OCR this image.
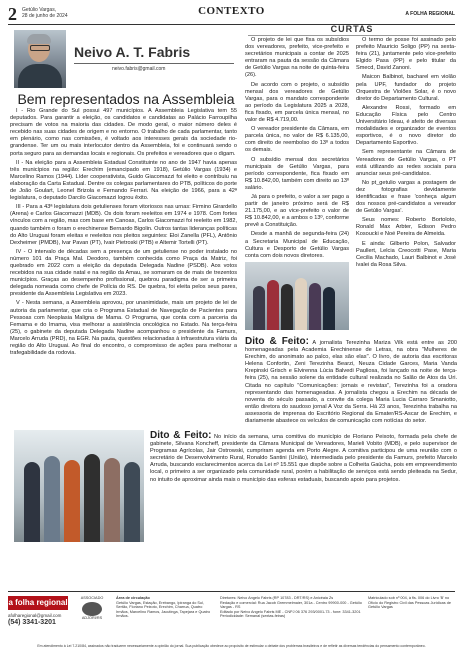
2 Getúlio Vargas,
28 de junho de 2024	CONTEXTO	A FOLHA REGIONAL
CURTAS
Neivo A. T. Fabris
neivo.fabris@gmail.com
Bem representados na Assembleia

I - Rio Grande do Sul possui 497 municípios. A Assembleia Legislativa tem 55 deputados. Para garantir a eleição, os candidatos e candidatas ao Palácio Farroupilha precisam de votos na maioria das cidades. De modo geral, o maior número deles é recebido nas suas cidades de origem e no entorno. O trabalho de cada parlamentar, tanto em plenário, como nas comissões, é voltado aos interesses gerais da sociedade rio-grandense. Ter um ou mais interlocutor dentro da Assembleia, foi e continuará sendo o porta seguro para as demandas locais e regionais. Os prefeitos e vereadores que o digam.

II - Na eleição para a Assembleia Estadual Constituinte no ano de 1947 havia apenas três municípios na região: Erechim (emancipado em 1918), Getúlio Vargas (1934) e Marcelino Ramos (1944). Líder cooperativista, Guido Giacomazzi foi eleito e contribuiu na elaboração da Carta Estadual. Dentre os colegas parlamentares do PTB, políticos do porte de João Goulart, Leonel Brizola e Fernando Ferrari. Na eleição de 1966, para a 42ª legislatura, o deputado Darcilo Giacomazzi logrou êxito.

III - Para a 43ª legislatura dois getulienses foram vitoriosos nas urnas: Firmino Girardello (Arena) e Carlos Giacomazzi (MDB). Os dois foram reeleitos em 1974 e 1978. Com fortes vínculos com a região, mas com base em Canoas, Carlos Giacomazzi foi reeleito em 1982, quando também o foram o erechinense Bernardo Bigolin. Outros tantas lideranças políticas do Alto Uruguai foram eleitas e reeleitos nos pleitos seguintes: Eloi Zanella (PFL), Antônio Dexheimer (PMDB), Ivar Pavan (PT), Ivair Pietroski (PTB) e Altemir Tortelli (PT).

IV - O intervalo de décadas sem a presença de um getuliense no poder instalado no número 101 da Praça Mal. Deodoro, também conhecida como Praça da Matriz, foi quebrado em 2022 com a eleição da deputada Delegada Nadine (PSDB). Aos votos recebidos na sua cidade natal e na região da Amau, se somaram os de mais de trezentos municípios. Graças ao desempenho profissional, quebrou paradigma de ser a primeira delegada nomeada como chefe de Polícia do RS. De quebra, foi eleita pelos seus pares, presidente da Assembleia Legislativa em 2023.

V - Nesta semana, a Assembleia aprovou, por unanimidade, mais um projeto de lei de autoria da parlamentar, que cria o Programa Estadual de Navegação de Pacientes para Pessoas com Neoplasia Maligna de Mama. O Programa, que conta com a parceria da Femama e do Imama, visa melhorar a assistência oncológica no Estado. Na terça-feira (25), o gabinete da deputada Delegada Nadine acompanhou o presidente da Famurs, Marcelo Arruda (PRD), na EGR. Na pauta, questões relacionadas à infraestrutura viária da região do Alto Uruguai. Ao final do encontro, o compromisso de ações para melhorar a trafegabilidade da rodovia.

O projeto de lei que fixa os subsídios dos vereadores, prefeito, vice-prefeito e secretários municipais a contar de 2025 entraram na pauta da sessão da Câmara de Getúlio Vargas na noite de quinta-feira (26).

De acordo com o projeto, o subsídio mensal dos vereadores de Getúlio Vargas, para o mandato correspondente ao período da Legislatura 2025 a 2028, fica fixado, em parcela única mensal, no valor de R$ 4.719,00.

O vereador presidente da Câmara, em parcela única, no valor de R$ 6.135,00, com direito de reembolso do 13º a todos os demais.

O subsídio mensal dos secretários municipais de Getúlio Vargas, para período correspondente, fica fixado em R$ 10.842,00, também com direito ao 13º salário.

Já para o prefeito, o valor a ser pago a partir de janeiro próximo será de R$ 21.175,00, e ao vice-prefeito o valor de R$ 10.842,00, e a ambos o 13º, conforme prevê a Constituição.

Desde a manhã de segunda-feira (24) a Secretaria Municipal de Educação, Cultura e Desporto de Getúlio Vargas conta com dois novos diretores.

O termo de posse foi assinado pelo prefeito Mauricio Soligo (PP) na sexta-feira (21), juntamente pelo vice-prefeito Elgido Pasa (PP) e pelo titular da Smecd, David Zanoni.

Maicon Balbinot, bacharel em violão pela UPF, fundador do projeto Orquestra de Violões Solar, é o novo diretor do Departamento Cultural.

Alexandre Rossi, formado em Educação Física pelo Centro Universitário Ideau, é afeito de diversas modalidades e organizador de eventos esportivos, é o novo diretor do Departamento Esportivo.

Sem representante na Câmara de Vereadores de Getúlio Vargas, o PT está utilizando as redes sociais para anunciar seus pré-candidatos.

No pt_getulio vargas a postagem de dez fotografias devidamente identificadas e frase 'conheça algum dos nossos pré-candidatos a vereador de Getúlio Vargas'.

Seus nomes: Roberto Bortoloto, Ronald Max Arbter, Edison Pedro Kosoucki e Noé Pereira de Almeida.

E ainda: Gilberto Polon, Salvador Paullert, Lelcia Creocotti Pase, Maria Cecilia Machado, Lauri Balbinot e José Ivalei da Rosa Silva.

Dito & Feito: A jornalista Terezinha Mariza Vilk está entre as 200 homenageadas pela Academia Erechinense de Letras, na obra "Mulheres de Erechim, do anonimato ao palco, elas são elas". O livro, de autoria das escritoras Helena Confortin, Zeni Terezinha Bearzi, Neuza Cidade Garces, Maria Vanda Krepinski Grisch e Elvirenna Lúcia Balvedi Pagliosa, foi lançado na noite de terça-feira (25), na sessão solene da entidade cultural realizada no Salão de Atos da Uri. Citada no capítulo "Comunicações: jornais e revistas", Terezinha foi a oradora representando das homenageadas. A jornalista chegou a Erechim na década de noventa do século passado, a convite da colega Maria Lucia Carraro Smaniotto, então diretora do saudoso jornal A Voz da Serra. Há 23 anos, Terezinha trabalha na assessoria de imprensa do Escritório Regional da Emater/RS-Ascar de Erechim, e diariamente abastece os veículos de comunicação com notícias do setor.
Dito & Feito: No início da semana, uma comitiva do município de Floriano Peixoto, formada pela chefe de gabinete, Silvana Koncheff, presidente da Câmara Municipal de Vereadores, Marieli Vobito (MDB), e pelo supervisor de Programas Agrícolas, Jair Ostrowski, cumpriram agenda em Porto Alegre. A comitiva participou de uma reunião com o secretário de Desenvolvimento Rural, Ronaldo Santini (União), intermediada pelo presidente da Famurs, prefeito Marcelo Arruda, buscando esclarecimentos acerca da Lei nº 15.551 que dispõe sobre a Colheita Gaúcha, pois em empreendimento local, o primeiro a ser organizado pela comunidade rural, porém a habilitação de serviços está sendo pleiteada na Sedur, no intuito de aproximar ainda mais o município das esferas estaduais, buscando apoio para projetos.
a folha regional
afolharegional@gmail.com
(54) 3341-3201
ASSOCIADO
ADJORI/RS
Área de circulação
Getúlio Vargas, Estação, Erebango, Ipiranga do Sul, Sertão, Floriano Peixoto, Erechim, Charrua, Quatro Irmãos, Marcelino Ramos, Jacutinga, Tapejara e Quatro Irmãos.
Diretores: Neivo Angelo Fabris (RP 10783 - DRT/RS) e Anicéaia Zs
Redação e comercial: Rua Jacob Gremmelmaier, 301a - Centro 99900-000 - Getúlio Vargas - RS
Editado por Neivo Angelo Fabris ME - CNPJ 06 376 293/0001-73 - fone: 3341-3201
Periodicidade: Semanal (sextas-feiras)
Matriculado sob nº 004, à fls. 006 do Livro 'B' no Ofício do Registro Civil das Pessoas Jurídicas de Getúlio Vargas
Em atendimento à Lei 7.210/84, assinados não traduzem necessariamente a opinião do jornal. Sua publicação obedece ao propósito de estimular o debate dos problemas brasileiros e de refletir as diversas tendências do pensamento contemporâneo.
